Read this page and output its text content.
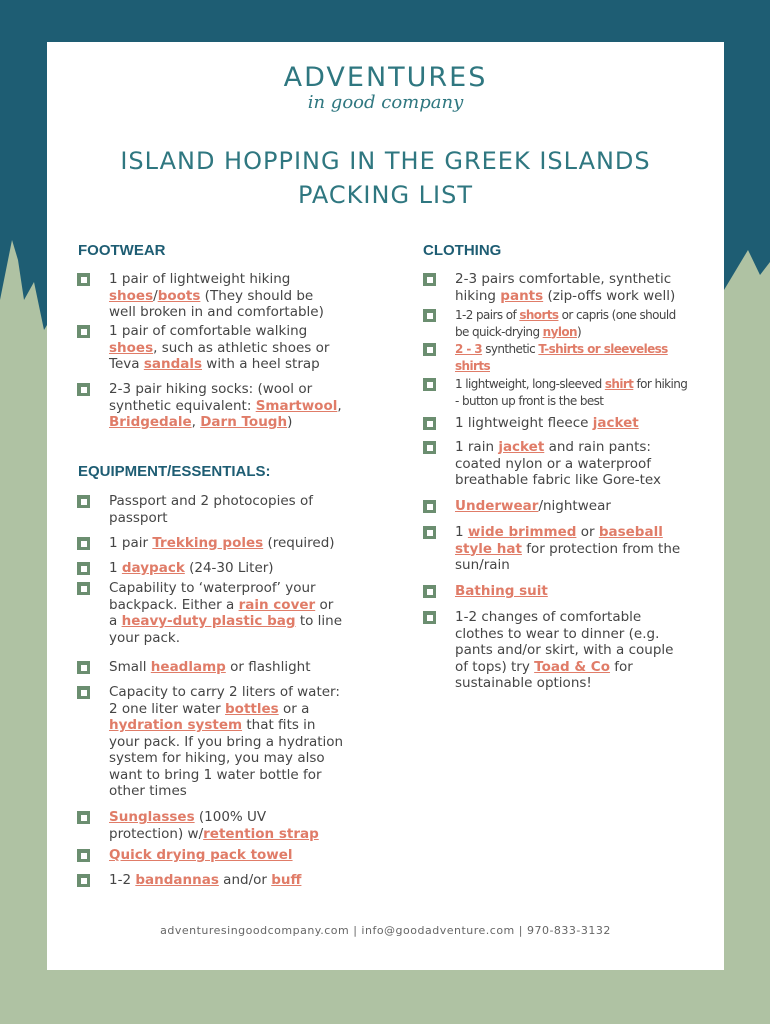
ADVENTURES
in good company
ISLAND HOPPING IN THE GREEK ISLANDS
PACKING LIST
FOOTWEAR
1 pair of lightweight hiking shoes/boots (They should be well broken in and comfortable)
1 pair of comfortable walking shoes, such as athletic shoes or Teva sandals with a heel strap
2-3 pair hiking socks: (wool or synthetic equivalent: Smartwool, Bridgedale, Darn Tough)
EQUIPMENT/ESSENTIALS:
Passport and 2 photocopies of passport
1 pair Trekking poles (required)
1 daypack (24-30 Liter)
Capability to ‘waterproof’ your backpack. Either a rain cover or a heavy-duty plastic bag to line your pack.
Small headlamp or flashlight
Capacity to carry 2 liters of water: 2 one liter water bottles or a hydration system that fits in your pack. If you bring a hydration system for hiking, you may also want to bring 1 water bottle for other times
Sunglasses (100% UV protection) w/retention strap
Quick drying pack towel
1-2 bandannas and/or buff
CLOTHING
2-3 pairs comfortable, synthetic hiking pants (zip-offs work well)
1-2 pairs of shorts or capris (one should be quick-drying nylon)
2 - 3 synthetic T-shirts or sleeveless shirts
1 lightweight, long-sleeved shirt for hiking - button up front is the best
1 lightweight fleece jacket
1 rain jacket and rain pants: coated nylon or a waterproof breathable fabric like Gore-tex
Underwear/nightwear
1 wide brimmed or baseball style hat for protection from the sun/rain
Bathing suit
1-2 changes of comfortable clothes to wear to dinner (e.g. pants and/or skirt, with a couple of tops) try Toad & Co for sustainable options!
adventuresingoodcompany.com | info@goodadventure.com | 970-833-3132
